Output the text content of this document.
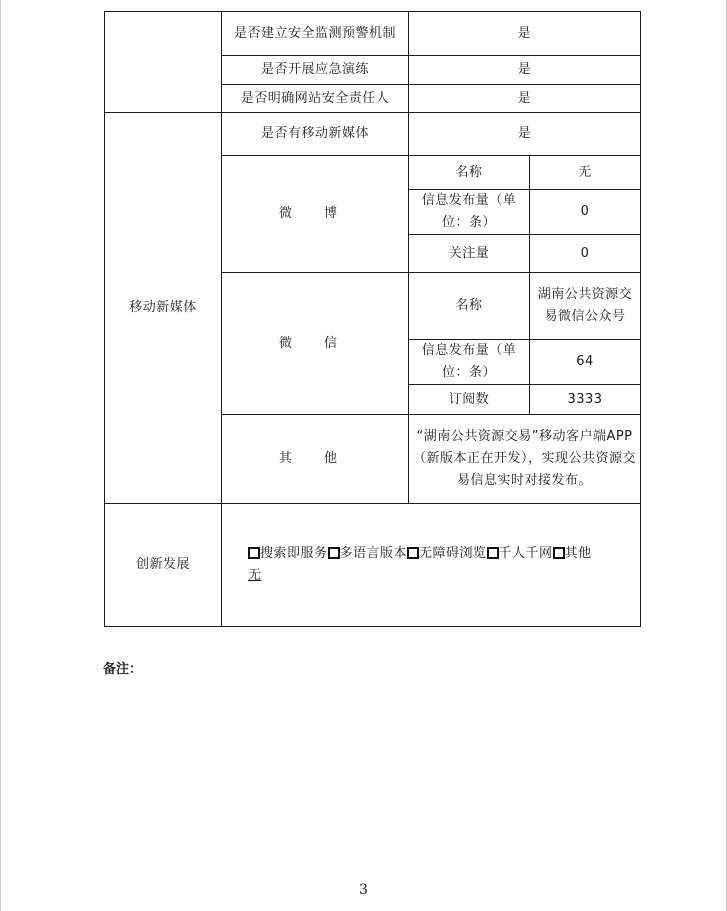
	是否建立安全监测预警机制	是	
	是否开展应急演练	是	
	是否明确网站安全责任人	是	
移动新媒体	是否有移动新媒体	是	
	微 博	名称	无
		信息发布量（单位：条）	0
		关注量	0
	微 信	名称	湖南公共资源交易微信公众号
		信息发布量（单位：条）	64
		订阅数	3333
	其 他	“湖南公共资源交易”移动客户端APP（新版本正在开发），实现公共资源交易信息实时对接发布。	
创新发展	搜索即服务 多语言版本 无障碍浏览 千人千网 其他
无		
备注：
3
